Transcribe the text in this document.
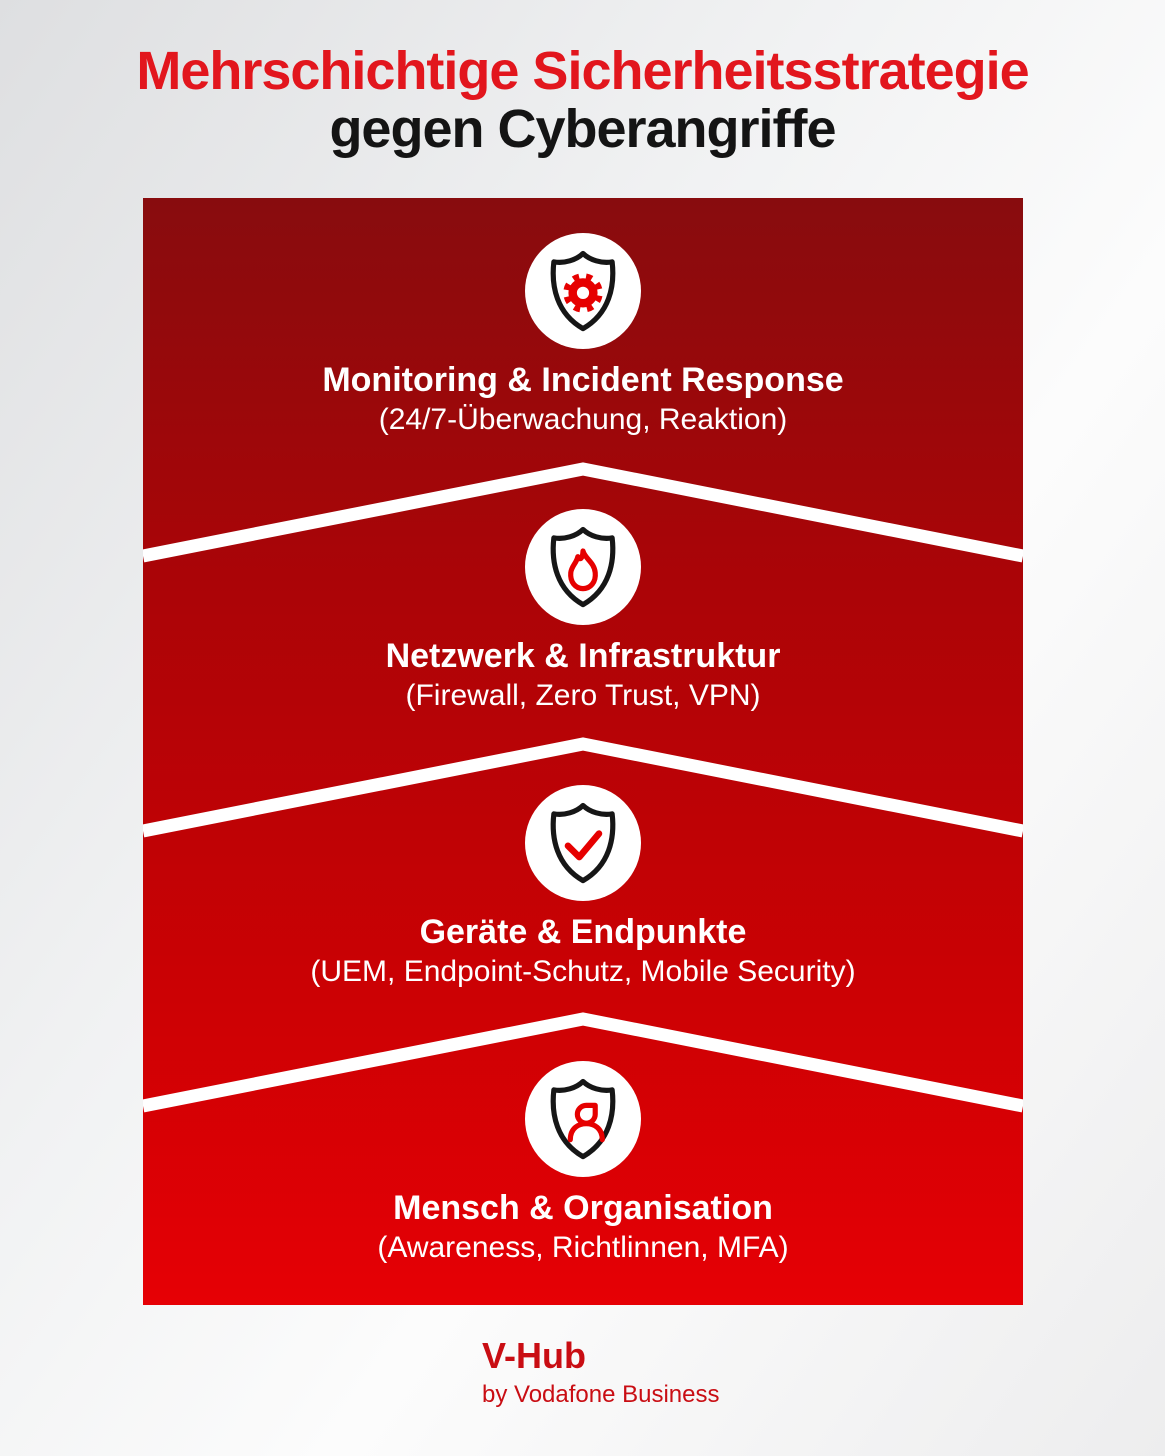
Mehrschichtige Sicherheitsstrategie
gegen Cyberangriffe
Monitoring & Incident Response
(24/7-Überwachung, Reaktion)
Netzwerk & Infrastruktur
(Firewall, Zero Trust, VPN)
Geräte & Endpunkte
(UEM, Endpoint-Schutz, Mobile Security)
Mensch & Organisation
(Awareness, Richtlinnen, MFA)
V-Hub
by Vodafone Business
